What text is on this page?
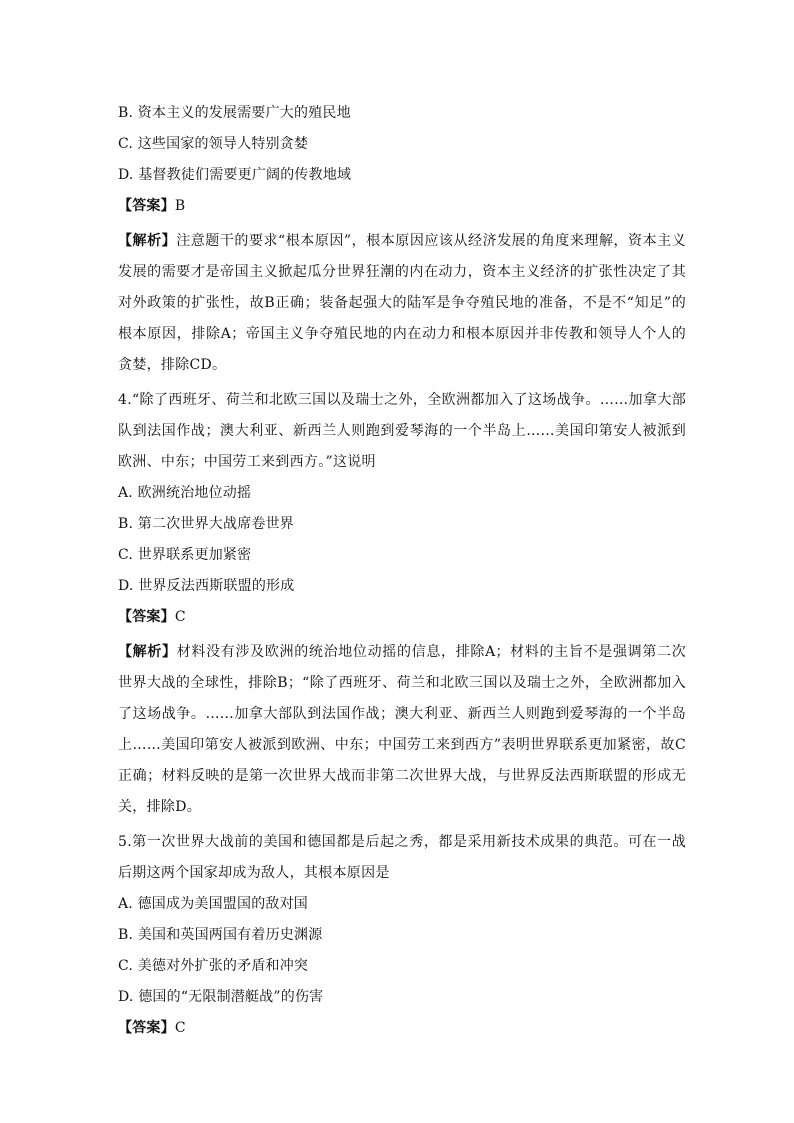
B. 资本主义的发展需要广大的殖民地
C. 这些国家的领导人特别贪婪
D. 基督教徒们需要更广阔的传教地域
【答案】B
【解析】注意题干的要求“根本原因”，根本原因应该从经济发展的角度来理解，资本主义发展的需要才是帝国主义掀起瓜分世界狂潮的内在动力，资本主义经济的扩张性决定了其对外政策的扩张性，故B正确；装备起强大的陆军是争夺殖民地的准备，不是不“知足”的根本原因，排除A；帝国主义争夺殖民地的内在动力和根本原因并非传教和领导人个人的贪婪，排除CD。
4.“除了西班牙、荷兰和北欧三国以及瑞士之外，全欧洲都加入了这场战争。……加拿大部队到法国作战；澳大利亚、新西兰人则跑到爱琴海的一个半岛上……美国印第安人被派到欧洲、中东；中国劳工来到西方。”这说明
A. 欧洲统治地位动摇
B. 第二次世界大战席卷世界
C. 世界联系更加紧密
D. 世界反法西斯联盟的形成
【答案】C
【解析】材料没有涉及欧洲的统治地位动摇的信息，排除A；材料的主旨不是强调第二次世界大战的全球性，排除B；“除了西班牙、荷兰和北欧三国以及瑞士之外，全欧洲都加入了这场战争。……加拿大部队到法国作战；澳大利亚、新西兰人则跑到爱琴海的一个半岛上……美国印第安人被派到欧洲、中东；中国劳工来到西方”表明世界联系更加紧密，故C正确；材料反映的是第一次世界大战而非第二次世界大战，与世界反法西斯联盟的形成无关，排除D。
5.第一次世界大战前的美国和德国都是后起之秀，都是采用新技术成果的典范。可在一战后期这两个国家却成为敌人，其根本原因是
A. 德国成为美国盟国的敌对国
B. 美国和英国两国有着历史渊源
C. 美德对外扩张的矛盾和冲突
D. 德国的“无限制潜艇战”的伤害
【答案】C
